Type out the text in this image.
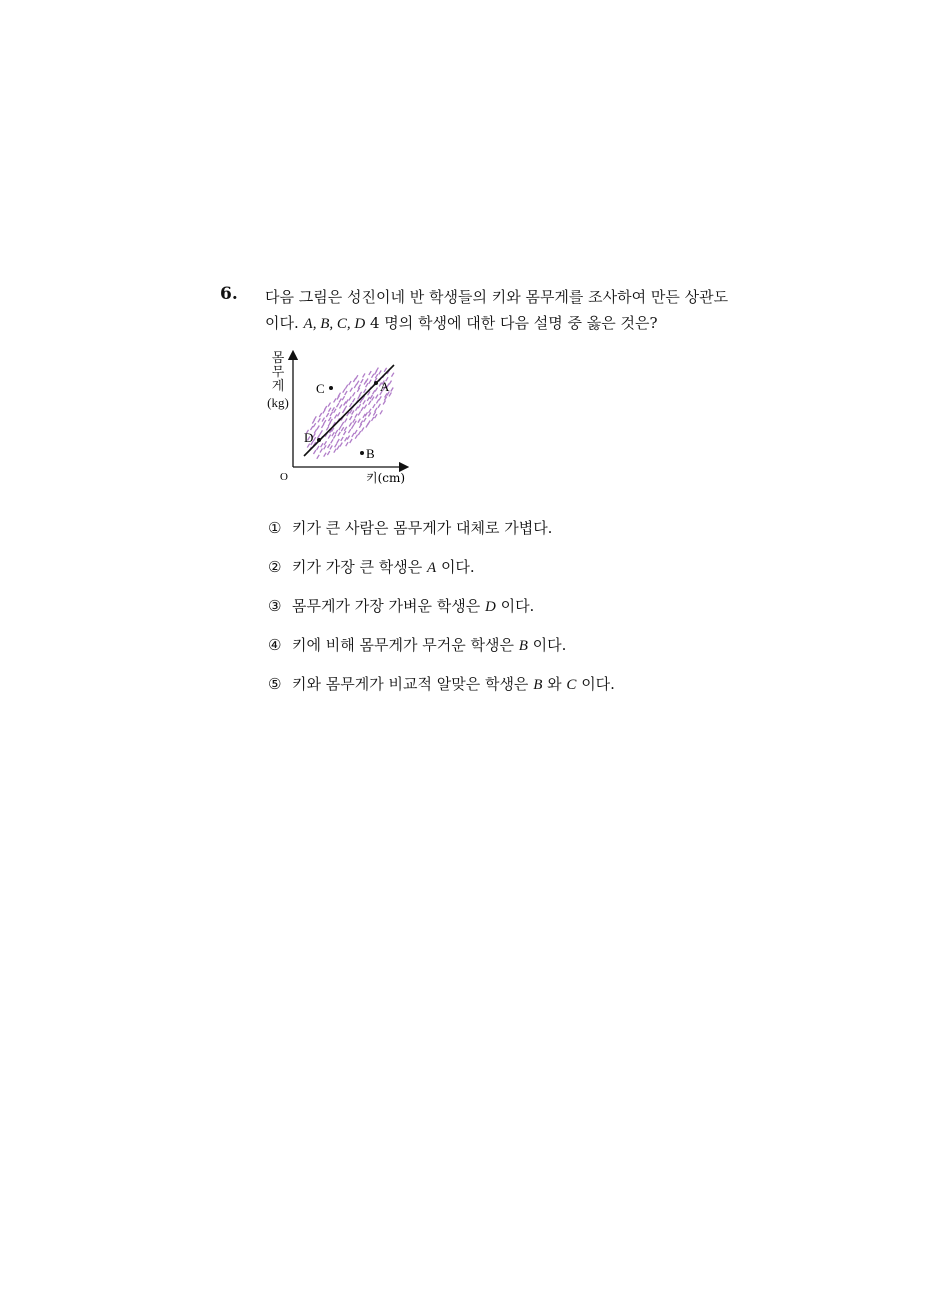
6. 다음 그림은 성진이네 반 학생들의 키와 몸무게를 조사하여 만든 상관도
이다. A, B, C, D 4 명의 학생에 대한 다음 설명 중 옳은 것은?
몸
무
게
(kg)
A
B
C
D
O	키(cm)
① 키가 큰 사람은 몸무게가 대체로 가볍다.
② 키가 가장 큰 학생은 A 이다.
③ 몸무게가 가장 가벼운 학생은 D 이다.
④ 키에 비해 몸무게가 무거운 학생은 B 이다.
⑤ 키와 몸무게가 비교적 알맞은 학생은 B 와 C 이다.
